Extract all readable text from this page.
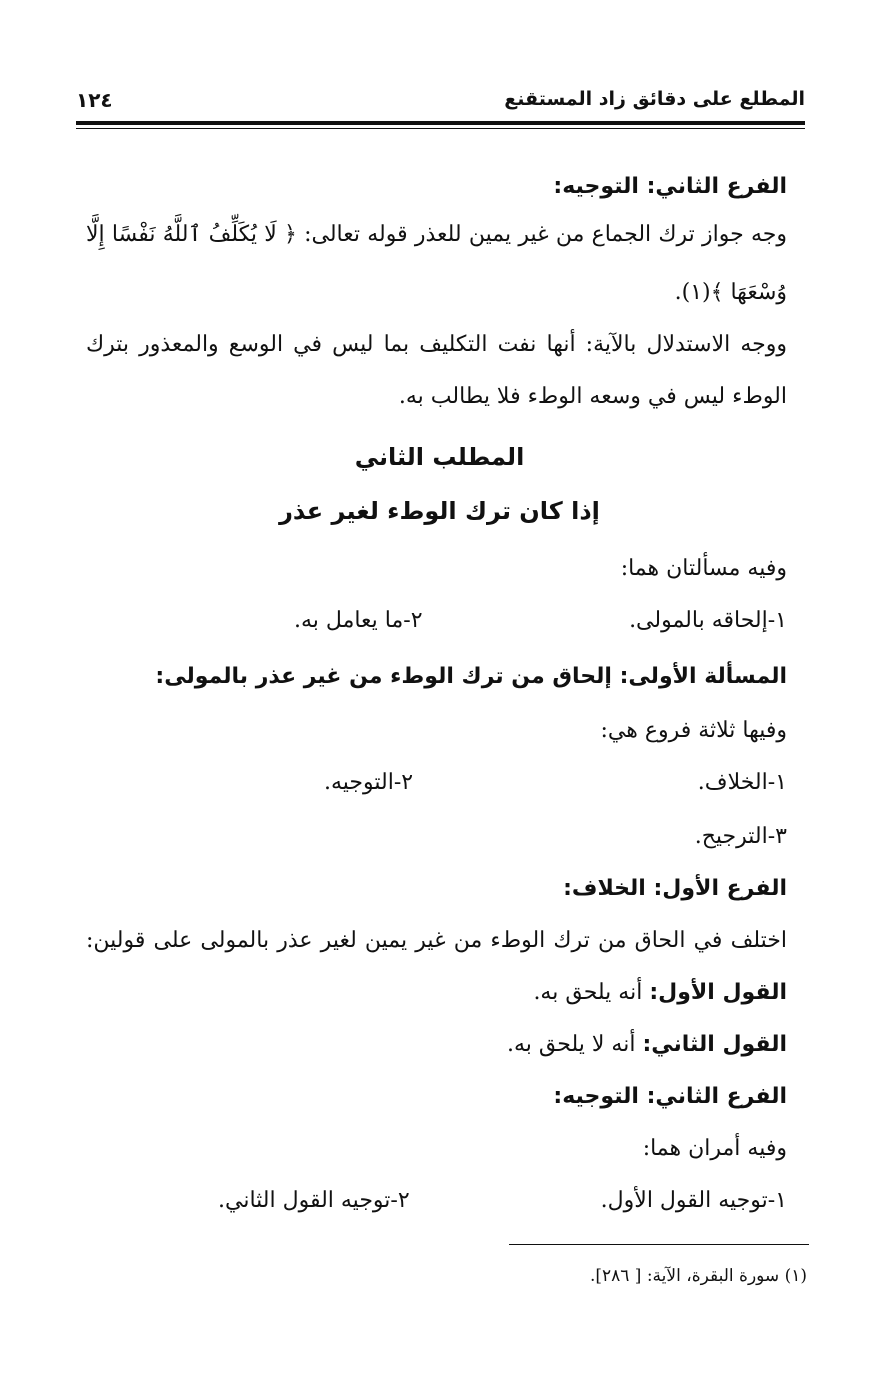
المطلع على دقائق زاد المستقنع
١٢٤
الفرع الثاني: التوجيه:
وجه جواز ترك الجماع من غير يمين للعذر قوله تعالى: ﴿ لَا يُكَلِّفُ ٱللَّهُ نَفْسًا إِلَّا
وُسْعَهَا ﴾(١).
ووجه الاستدلال بالآية: أنها نفت التكليف بما ليس في الوسع والمعذور بترك
الوطء ليس في وسعه الوطء فلا يطالب به.
المطلب الثاني
إذا كان ترك الوطء لغير عذر
وفيه مسألتان هما:
١-إلحاقه بالمولى.
٢-ما يعامل به.
المسألة الأولى: إلحاق من ترك الوطء من غير عذر بالمولى:
وفيها ثلاثة فروع هي:
١-الخلاف.
٢-التوجيه.
٣-الترجيح.
الفرع الأول: الخلاف:
اختلف في الحاق من ترك الوطء من غير يمين لغير عذر بالمولى على قولين:
القول الأول: أنه يلحق به.
القول الثاني: أنه لا يلحق به.
الفرع الثاني: التوجيه:
وفيه أمران هما:
١-توجيه القول الأول.
٢-توجيه القول الثاني.
(١) سورة البقرة، الآية: [ ٢٨٦].
